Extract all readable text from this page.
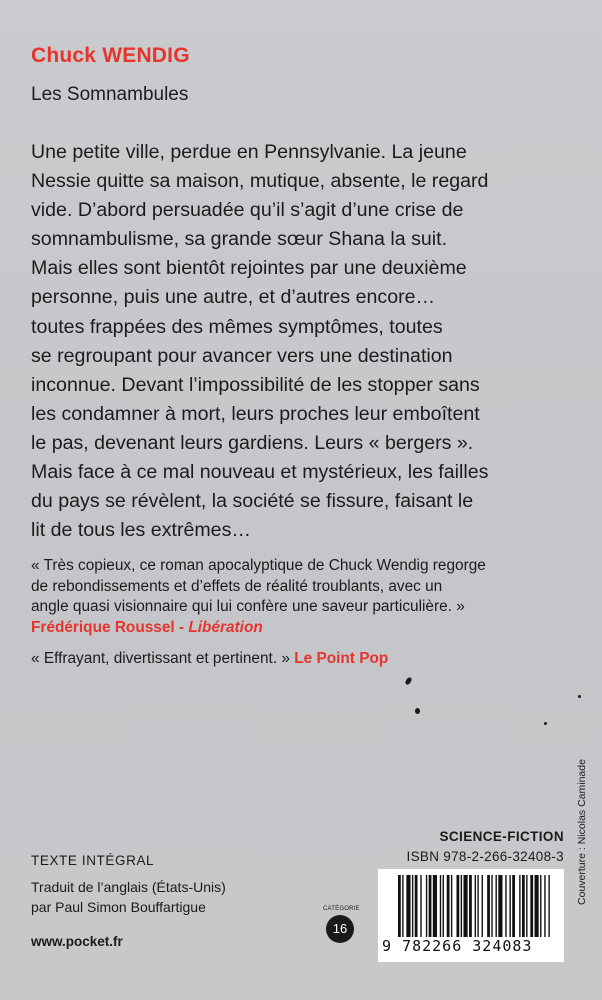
Chuck WENDIG
Les Somnambules
Une petite ville, perdue en Pennsylvanie. La jeune
Nessie quitte sa maison, mutique, absente, le regard
vide. D’abord persuadée qu’il s’agit d’une crise de
somnambulisme, sa grande sœur Shana la suit.
Mais elles sont bientôt rejointes par une deuxième
personne, puis une autre, et d’autres encore…
toutes frappées des mêmes symptômes, toutes
se regroupant pour avancer vers une destination
inconnue. Devant l’impossibilité de les stopper sans
les condamner à mort, leurs proches leur emboîtent
le pas, devenant leurs gardiens. Leurs « bergers ».
Mais face à ce mal nouveau et mystérieux, les failles
du pays se révèlent, la société se fissure, faisant le
lit de tous les extrêmes…
« Très copieux, ce roman apocalyptique de Chuck Wendig regorge
de rebondissements et d’effets de réalité troublants, avec un
angle quasi visionnaire qui lui confère une saveur particulière. »
Frédérique Roussel - Libération
« Effrayant, divertissant et pertinent. » Le Point Pop
Couverture : Nicolas Caminade
SCIENCE-FICTION
ISBN 978-2-266-32408-3
9 782266 324083
TEXTE INTÉGRAL
Traduit de l’anglais (États-Unis)
par Paul Simon Bouffartigue
www.pocket.fr
CATÉGORIE
16
